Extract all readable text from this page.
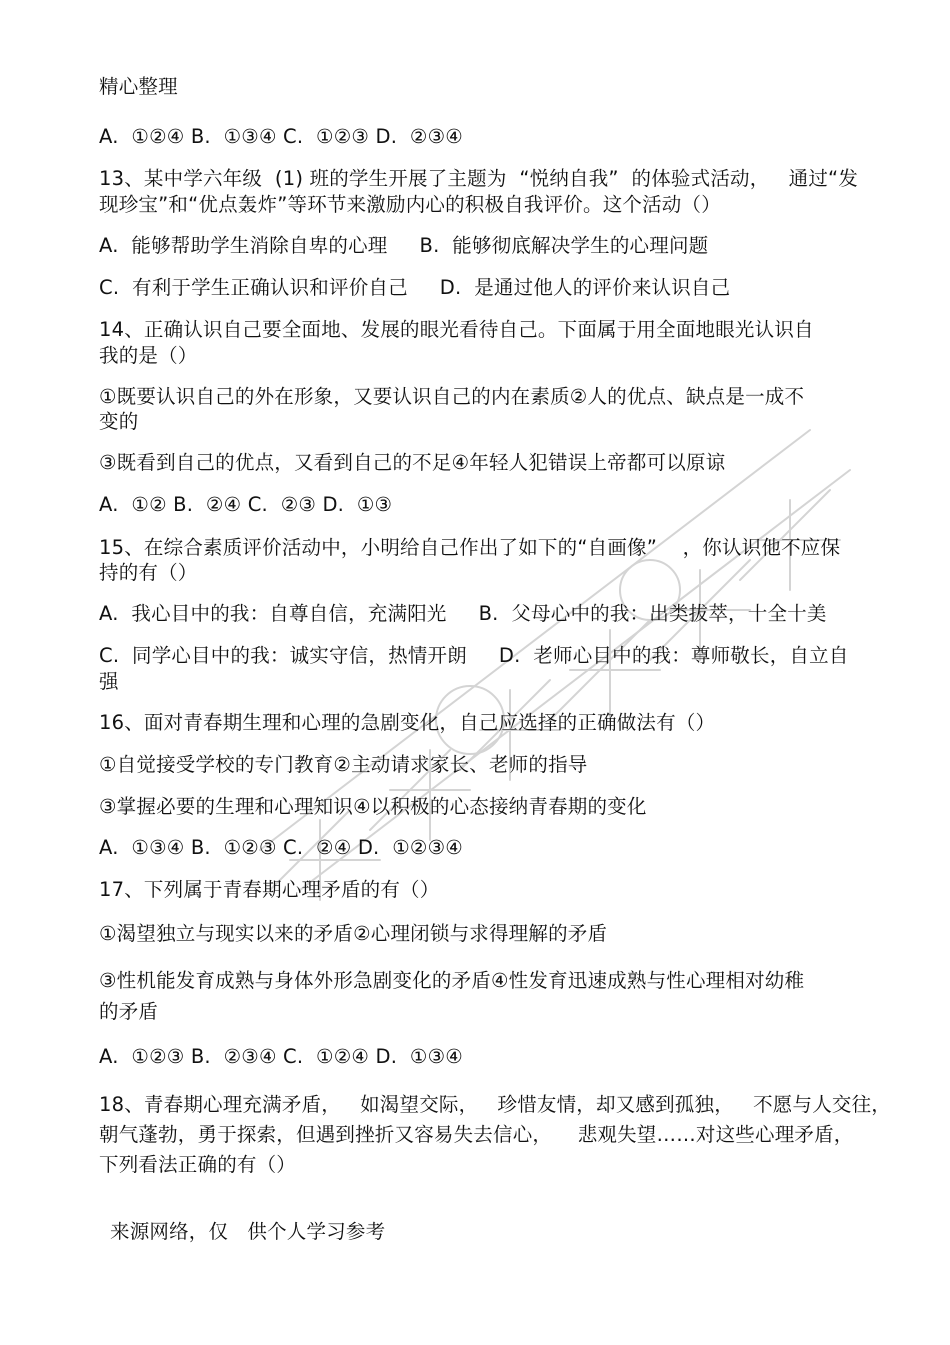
精心整理
A.  ①②④ B.  ①③④ C.  ①②③ D.  ②③④
13、某中学六年级  (1) 班的学生开展了主题为  “悦纳自我”  的体验式活动，   通过“发
现珍宝”和“优点轰炸”等环节来激励内心的积极自我评价。这个活动（）
A.  能够帮助学生消除自卑的心理     B.  能够彻底解决学生的心理问题
C.  有利于学生正确认识和评价自己     D.  是通过他人的评价来认识自己
14、正确认识自己要全面地、发展的眼光看待自己。下面属于用全面地眼光认识自
我的是（）
①既要认识自己的外在形象，又要认识自己的内在素质②人的优点、缺点是一成不
变的
③既看到自己的优点，又看到自己的不足④年轻人犯错误上帝都可以原谅
A.  ①② B.  ②④ C.  ②③ D.  ①③
15、在综合素质评价活动中，小明给自己作出了如下的“自画像”    ，你认识他不应保
持的有（）
A.  我心目中的我：自尊自信，充满阳光     B.  父母心中的我：出类拔萃，十全十美
C.  同学心目中的我：诚实守信，热情开朗     D.  老师心目中的我：尊师敬长，自立自
强
16、面对青春期生理和心理的急剧变化，自己应选择的正确做法有（）
①自觉接受学校的专门教育②主动请求家长、老师的指导
③掌握必要的生理和心理知识④以积极的心态接纳青春期的变化
A.  ①③④ B.  ①②③ C.  ②④ D.  ①②③④
17、下列属于青春期心理矛盾的有（）
①渴望独立与现实以来的矛盾②心理闭锁与求得理解的矛盾
③性机能发育成熟与身体外形急剧变化的矛盾④性发育迅速成熟与性心理相对幼稚
的矛盾
A.  ①②③ B.  ②③④ C.  ①②④ D.  ①③④
18、青春期心理充满矛盾，   如渴望交际，   珍惜友情，却又感到孤独，   不愿与人交往，
朝气蓬勃，勇于探索，但遇到挫折又容易失去信心，    悲观失望……对这些心理矛盾，
下列看法正确的有（）
来源网络，仅   供个人学习参考
